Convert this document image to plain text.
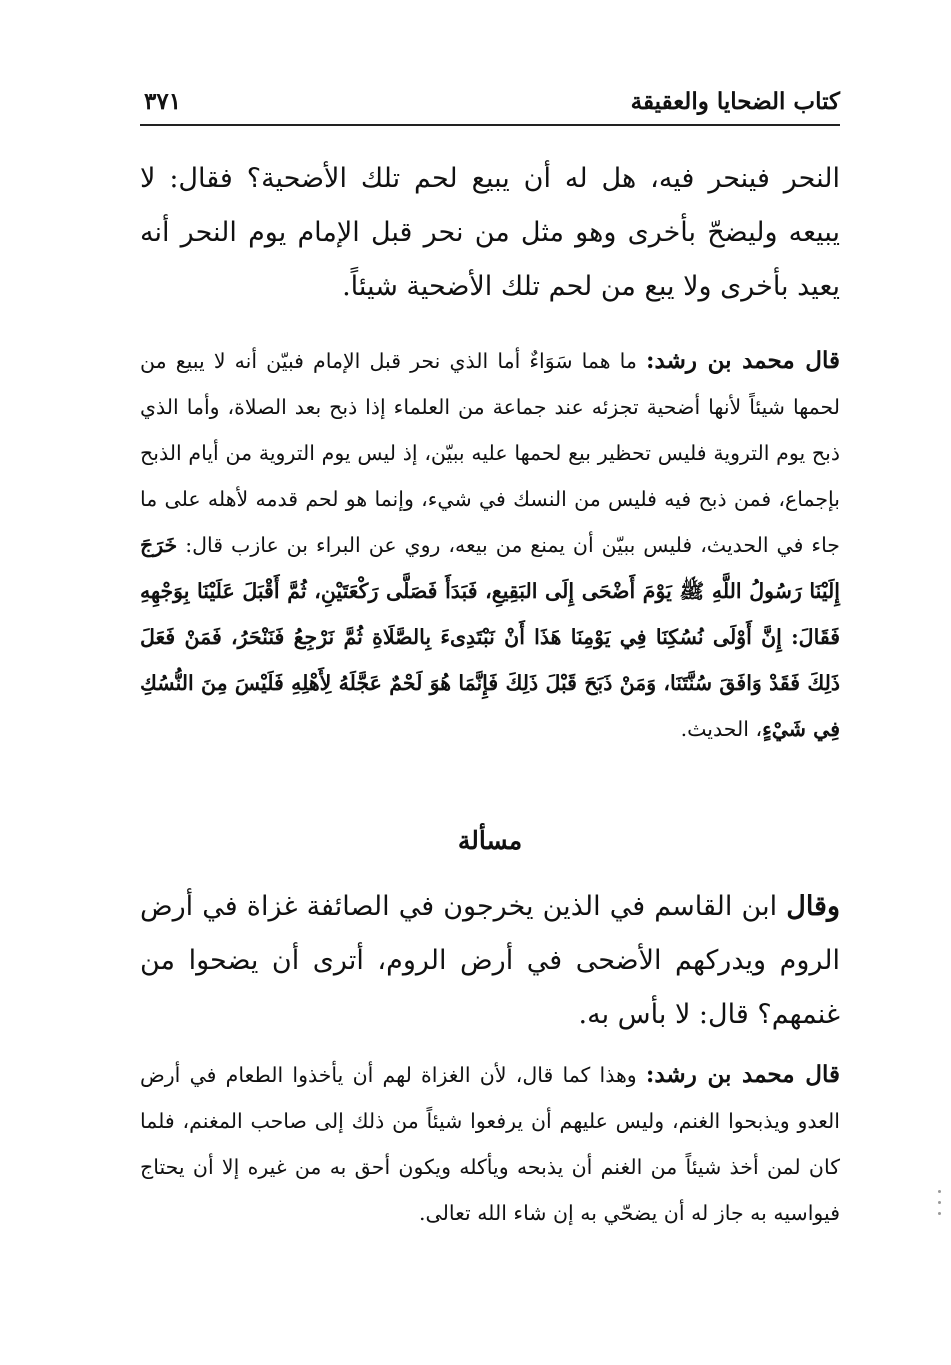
كتاب الضحايا والعقيقة
٣٧١
النحر فينحر فيه، هل له أن يبيع لحم تلك الأضحية؟ فقال: لا يبيعه وليضحّ بأخرى وهو مثل من نحر قبل الإمام يوم النحر أنه يعيد بأخرى ولا يبع من لحم تلك الأضحية شيئاً.
قال محمد بن رشد: ما هما سَوَاءٌ أما الذي نحر قبل الإمام فبيّن أنه لا يبيع من لحمها شيئاً لأنها أضحية تجزئه عند جماعة من العلماء إذا ذبح بعد الصلاة، وأما الذي ذبح يوم التروية فليس تحظير بيع لحمها عليه ببيّن، إذ ليس يوم التروية من أيام الذبح بإجماع، فمن ذبح فيه فليس من النسك في شيء، وإنما هو لحم قدمه لأهله على ما جاء في الحديث، فليس ببيّن أن يمنع من بيعه، روي عن البراء بن عازب قال: خَرَجَ إِلَيْنَا رَسُولُ اللَّهِ ﷺ يَوْمَ أَضْحَى إِلَى البَقِيعِ، فَبَدَأَ فَصَلَّى رَكْعَتَيْنِ، ثُمَّ أَقْبَلَ عَلَيْنَا بِوَجْهِهِ فَقَالَ: إِنَّ أَوْلَى نُسُكِنَا فِي يَوْمِنَا هَذَا أَنْ نَبْتَدِىءَ بِالصَّلَاةِ ثُمَّ نَرْجِعُ فَنَنْحَرُ، فَمَنْ فَعَلَ ذَلِكَ فَقَدْ وَافَقَ سُنَّتَنَا، وَمَنْ ذَبَحَ قَبْلَ ذَلِكَ فَإِنَّمَا هُوَ لَحْمٌ عَجَّلَهُ لِأَهْلِهِ فَلَيْسَ مِنَ النُّسُكِ فِي شَيْءٍ، الحديث.
مسألة
وقال ابن القاسم في الذين يخرجون في الصائفة غزاة في أرض الروم ويدركهم الأضحى في أرض الروم، أترى أن يضحوا من غنمهم؟ قال: لا بأس به.
قال محمد بن رشد: وهذا كما قال، لأن الغزاة لهم أن يأخذوا الطعام في أرض العدو ويذبحوا الغنم، وليس عليهم أن يرفعوا شيئاً من ذلك إلى صاحب المغنم، فلما كان لمن أخذ شيئاً من الغنم أن يذبحه ويأكله ويكون أحق به من غيره إلا أن يحتاج فيواسيه به جاز له أن يضحّي به إن شاء الله تعالى.
